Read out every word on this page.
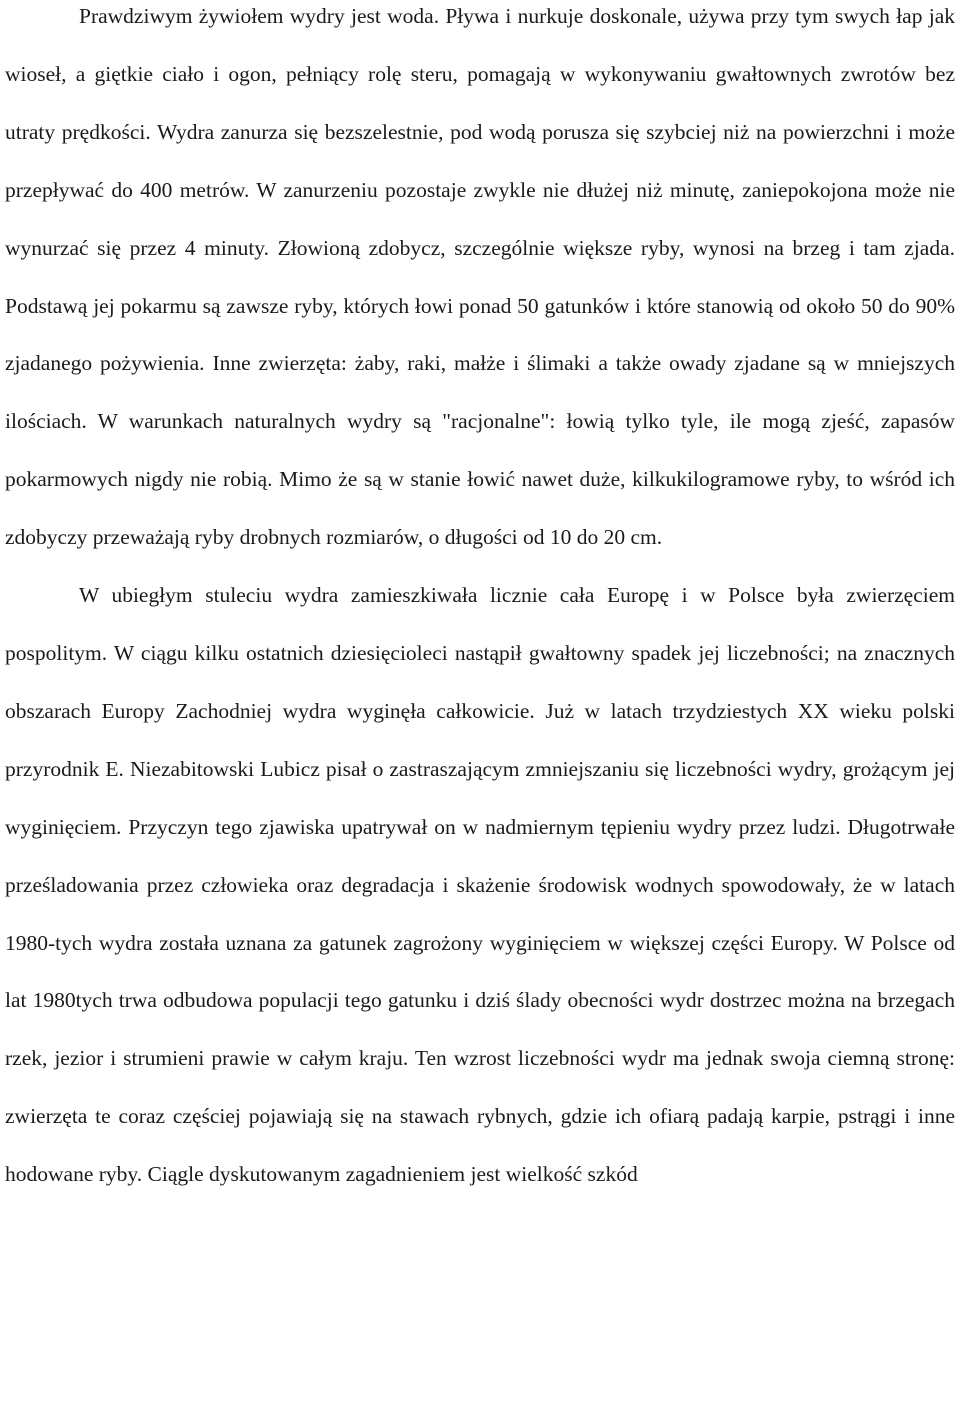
Prawdziwym żywiołem wydry jest woda. Pływa i nurkuje doskonale, używa przy tym swych łap jak wioseł, a giętkie ciało i ogon, pełniący rolę steru, pomagają w wykonywaniu gwałtownych zwrotów bez utraty prędkości. Wydra zanurza się bezszelestnie, pod wodą porusza się szybciej niż na powierzchni i może przepływać do 400 metrów. W zanurzeniu pozostaje zwykle nie dłużej niż minutę, zaniepokojona może nie wynurzać się przez 4 minuty. Złowioną zdobycz, szczególnie większe ryby, wynosi na brzeg i tam zjada. Podstawą jej pokarmu są zawsze ryby, których łowi ponad 50 gatunków i które stanowią od około 50 do 90% zjadanego pożywienia. Inne zwierzęta: żaby, raki, małże i ślimaki a także owady zjadane są w mniejszych ilościach. W warunkach naturalnych wydry są "racjonalne": łowią tylko tyle, ile mogą zjeść, zapasów pokarmowych nigdy nie robią. Mimo że są w stanie łowić nawet duże, kilkukilogramowe ryby, to wśród ich zdobyczy przeważają ryby drobnych rozmiarów, o długości od 10 do 20 cm.

W ubiegłym stuleciu wydra zamieszkiwała licznie cała Europę i w Polsce była zwierzęciem pospolitym. W ciągu kilku ostatnich dziesięcioleci nastąpił gwałtowny spadek jej liczebności; na znacznych obszarach Europy Zachodniej wydra wyginęła całkowicie. Już w latach trzydziestych XX wieku polski przyrodnik E. Niezabitowski Lubicz pisał o zastraszającym zmniejszaniu się liczebności wydry, grożącym jej wyginięciem. Przyczyn tego zjawiska upatrywał on w nadmiernym tępieniu wydry przez ludzi. Długotrwałe prześladowania przez człowieka oraz degradacja i skażenie środowisk wodnych spowodowały, że w latach 1980-tych wydra została uznana za gatunek zagrożony wyginięciem w większej części Europy. W Polsce od lat 1980tych trwa odbudowa populacji tego gatunku i dziś ślady obecności wydr dostrzec można na brzegach rzek, jezior i strumieni prawie w całym kraju. Ten wzrost liczebności wydr ma jednak swoja ciemną stronę: zwierzęta te coraz częściej pojawiają się na stawach rybnych, gdzie ich ofiarą padają karpie, pstrągi i inne hodowane ryby. Ciągle dyskutowanym zagadnieniem jest wielkość szkód
